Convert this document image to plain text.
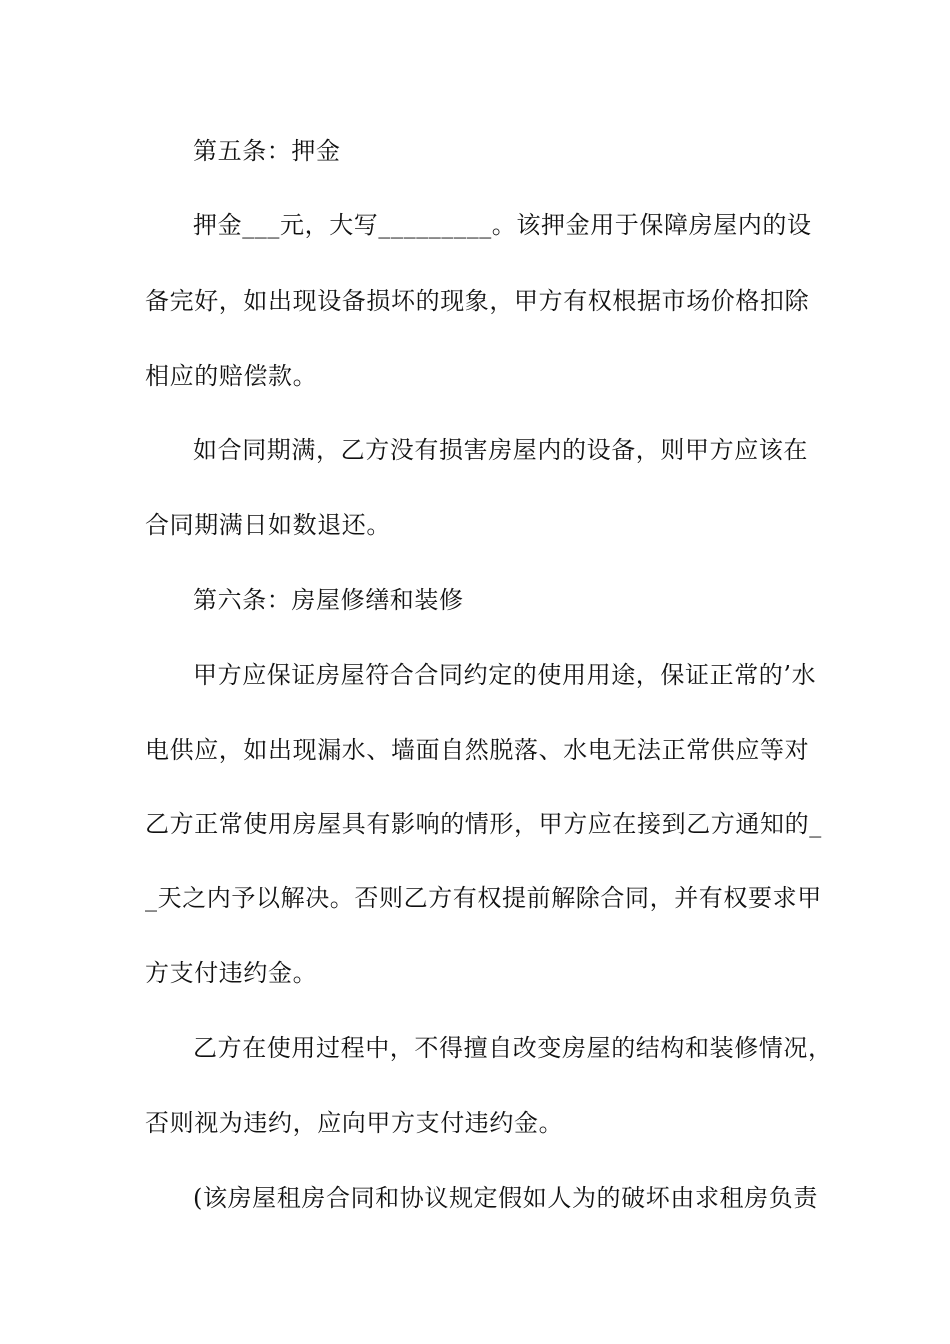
第五条：押金
押金___元，大写_________。该押金用于保障房屋内的设
备完好，如出现设备损坏的现象，甲方有权根据市场价格扣除
相应的赔偿款。
如合同期满，乙方没有损害房屋内的设备，则甲方应该在
合同期满日如数退还。
第六条：房屋修缮和装修
甲方应保证房屋符合合同约定的使用用途，保证正常的’水
电供应，如出现漏水、墙面自然脱落、水电无法正常供应等对
乙方正常使用房屋具有影响的情形，甲方应在接到乙方通知的_
_天之内予以解决。否则乙方有权提前解除合同，并有权要求甲
方支付违约金。
乙方在使用过程中，不得擅自改变房屋的结构和装修情况，
否则视为违约，应向甲方支付违约金。
(该房屋租房合同和协议规定假如人为的破坏由求租房负责
